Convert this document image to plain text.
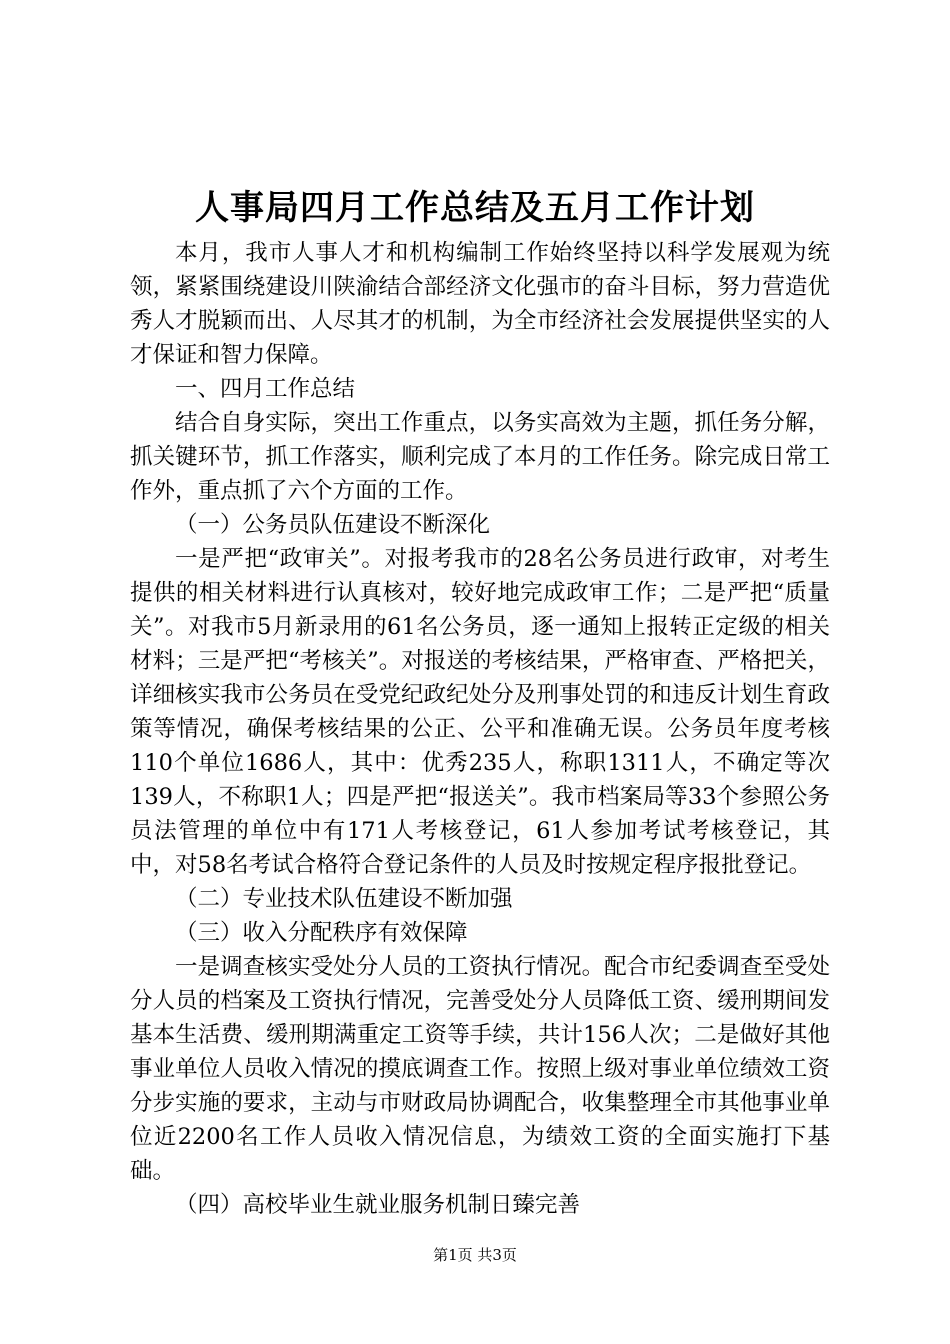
人事局四月工作总结及五月工作计划

本月，我市人事人才和机构编制工作始终坚持以科学发展观为统领，紧紧围绕建设川陕渝结合部经济文化强市的奋斗目标，努力营造优秀人才脱颖而出、人尽其才的机制，为全市经济社会发展提供坚实的人才保证和智力保障。

一、四月工作总结

结合自身实际，突出工作重点，以务实高效为主题，抓任务分解，抓关键环节，抓工作落实，顺利完成了本月的工作任务。除完成日常工作外，重点抓了六个方面的工作。

（一）公务员队伍建设不断深化

一是严把“政审关”。对报考我市的28名公务员进行政审，对考生提供的相关材料进行认真核对，较好地完成政审工作；二是严把“质量关”。对我市5月新录用的61名公务员，逐一通知上报转正定级的相关材料；三是严把“考核关”。对报送的考核结果，严格审查、严格把关，详细核实我市公务员在受党纪政纪处分及刑事处罚的和违反计划生育政策等情况，确保考核结果的公正、公平和准确无误。公务员年度考核110个单位1686人，其中：优秀235人，称职1311人，不确定等次139人，不称职1人；四是严把“报送关”。我市档案局等33个参照公务员法管理的单位中有171人考核登记，61人参加考试考核登记，其中，对58名考试合格符合登记条件的人员及时按规定程序报批登记。

（二）专业技术队伍建设不断加强

（三）收入分配秩序有效保障

一是调查核实受处分人员的工资执行情况。配合市纪委调查至受处分人员的档案及工资执行情况，完善受处分人员降低工资、缓刑期间发基本生活费、缓刑期满重定工资等手续，共计156人次；二是做好其他事业单位人员收入情况的摸底调查工作。按照上级对事业单位绩效工资分步实施的要求，主动与市财政局协调配合，收集整理全市其他事业单位近2200名工作人员收入情况信息，为绩效工资的全面实施打下基础。

（四）高校毕业生就业服务机制日臻完善

第1页 共3页
